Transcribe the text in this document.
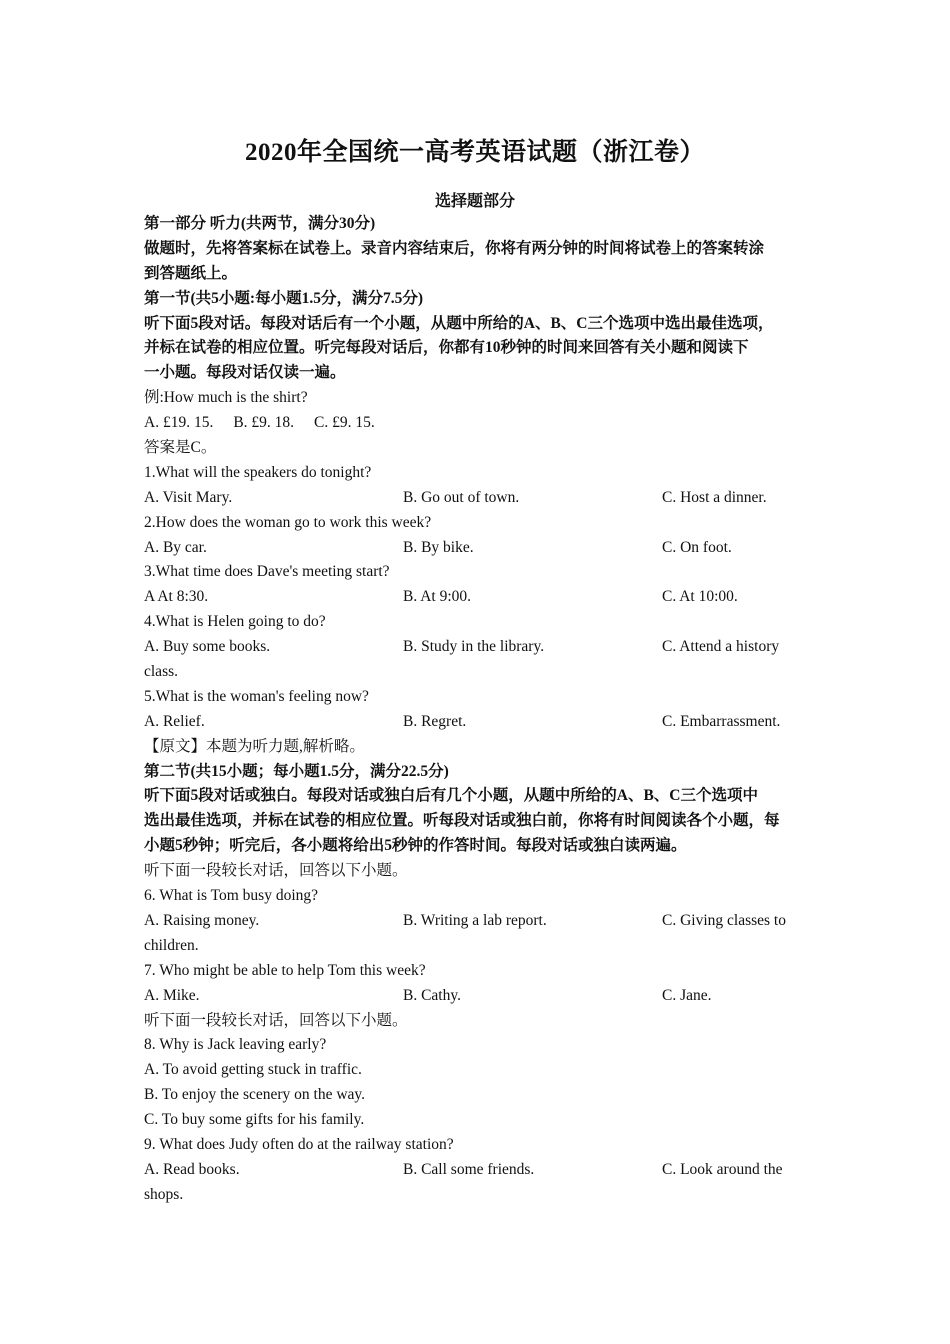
2020年全国统一高考英语试题（浙江卷）
选择题部分
第一部分 听力(共两节，满分30分)
做题时，先将答案标在试卷上。录音内容结束后，你将有两分钟的时间将试卷上的答案转涂
到答题纸上。
第一节(共5小题:每小题1.5分，满分7.5分)
听下面5段对话。每段对话后有一个小题，从题中所给的A、B、C三个选项中选出最佳选项，
并标在试卷的相应位置。听完每段对话后，你都有10秒钟的时间来回答有关小题和阅读下
一小题。每段对话仅读一遍。
例:How much is the shirt?
A. £19. 15. B. £9. 18. C. £9. 15.
答案是C。
1.What will the speakers do tonight?
A. Visit Mary.	B. Go out of town.	C. Host a dinner.
2.How does the woman go to work this week?
A. By car.	B. By bike.	C. On foot.
3.What time does Dave's meeting start?
A At 8:30.	B. At 9:00.	C. At 10:00.
4.What is Helen going to do?
A. Buy some books.	B. Study in the library.	C. Attend a history
class.
5.What is the woman's feeling now?
A. Relief.	B. Regret.	C. Embarrassment.
【原文】本题为听力题,解析略。
第二节(共15小题；每小题1.5分，满分22.5分)
听下面5段对话或独白。每段对话或独白后有几个小题，从题中所给的A、B、C三个选项中
选出最佳选项，并标在试卷的相应位置。听每段对话或独白前，你将有时间阅读各个小题，每
小题5秒钟；听完后，各小题将给出5秒钟的作答时间。每段对话或独白读两遍。
听下面一段较长对话，回答以下小题。
6. What is Tom busy doing?
A. Raising money.	B. Writing a lab report.	C. Giving classes to
children.
7. Who might be able to help Tom this week?
A. Mike.	B. Cathy.	C. Jane.
听下面一段较长对话，回答以下小题。
8. Why is Jack leaving early?
A. To avoid getting stuck in traffic.
B. To enjoy the scenery on the way.
C. To buy some gifts for his family.
9. What does Judy often do at the railway station?
A. Read books.	B. Call some friends.	C. Look around the
shops.
